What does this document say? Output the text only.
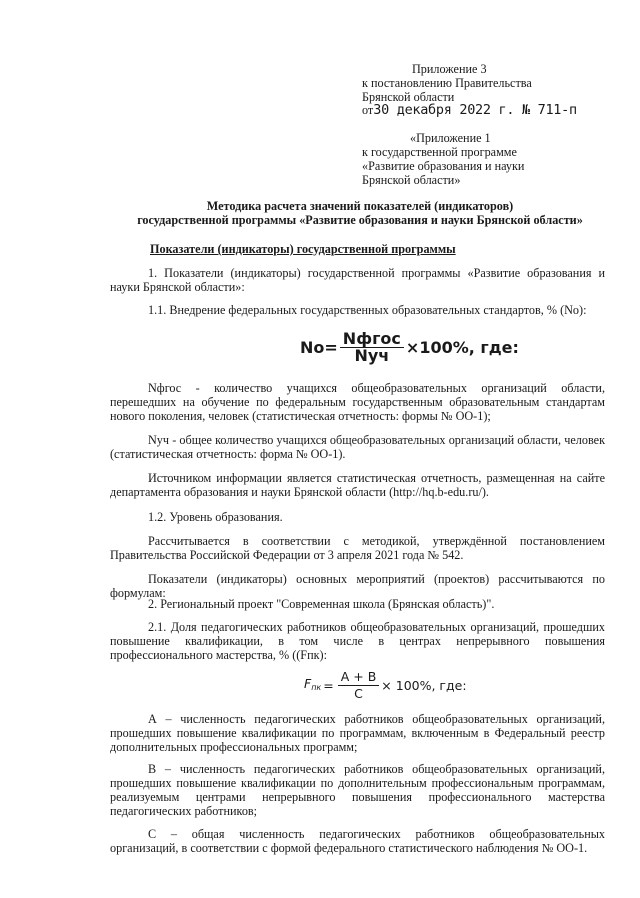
Приложение 3

к постановлению Правительства

Брянской области

от30 декабря 2022 г. № 711-п

«Приложение 1

к государственной программе

«Развитие образования и науки

Брянской области»

Методика расчета значений показателей (индикаторов)

государственной программы «Развитие образования и науки Брянской области»

Показатели (индикаторы) государственной программы

1. Показатели (индикаторы) государственной программы «Развитие образования и науки Брянской области»:

1.1. Внедрение федеральных государственных образовательных стандартов, % (No):

$No= \frac{\text{Nфгос}}{\text{Nуч}} \times 100\%$, где:

Nфгос - количество учащихся общеобразовательных организаций области, перешедших на обучение по федеральным государственным образовательным стандартам нового поколения, человек (статистическая отчетность: формы № ОО-1);

Nуч - общее количество учащихся общеобразовательных организаций области, человек (статистическая отчетность: форма № ОО-1).

Источником информации является статистическая отчетность, размещенная на сайте департамента образования и науки Брянской области (http://hq.b-edu.ru/).

1.2. Уровень образования.

Рассчитывается в соответствии с методикой, утверждённой постановлением Правительства Российской Федерации от 3 апреля 2021 года № 542.

Показатели (индикаторы) основных мероприятий (проектов) рассчитываются по формулам:

2. Региональный проект "Современная школа (Брянская область)".

2.1. Доля педагогических работников общеобразовательных организаций, прошедших повышение квалификации, в том числе в центрах непрерывного повышения профессионального мастерства, % ((Fпк):

$F_{пк} = \frac{A + B}{C} \times 100\%$, где:

А – численность педагогических работников общеобразовательных организаций, прошедших повышение квалификации по программам, включенным в Федеральный реестр дополнительных профессиональных программ;

В – численность педагогических работников общеобразовательных организаций, прошедших повышение квалификации по дополнительным профессиональным программам, реализуемым центрами непрерывного повышения профессионального мастерства педагогических работников;

С – общая численность педагогических работников общеобразовательных организаций, в соответствии с формой федерального статистического наблюдения № ОО-1.
